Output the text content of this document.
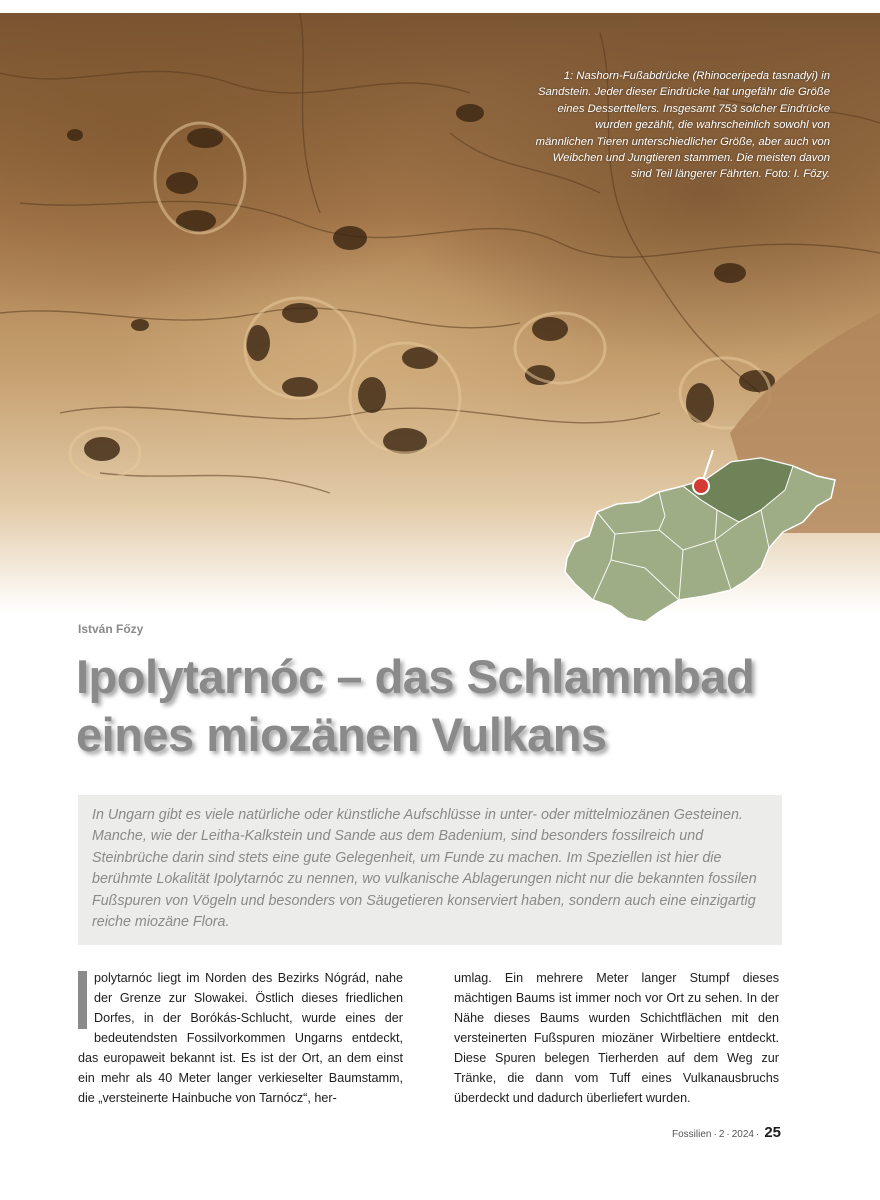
1: Nashorn-Fußabdrücke (Rhinoceripeda tasnadyi) in Sandstein. Jeder dieser Eindrücke hat ungefähr die Größe eines Desserttellers. Insgesamt 753 solcher Eindrücke wurden gezählt, die wahrscheinlich sowohl von männlichen Tieren unterschiedlicher Größe, aber auch von Weibchen und Jungtieren stammen. Die meisten davon sind Teil längerer Fährten. Foto: I. Főzy.
István Főzy
Ipolytarnóc – das Schlammbad
eines miozänen Vulkans

In Ungarn gibt es viele natürliche oder künstliche Aufschlüsse in unter- oder mittelmiozänen Gesteinen. Manche, wie der Leitha-Kalkstein und Sande aus dem Badenium, sind besonders fossilreich und Steinbrüche darin sind stets eine gute Gelegenheit, um Funde zu machen. Im Speziellen ist hier die berühmte Lokalität Ipolytarnóc zu nennen, wo vulkanische Ablagerungen nicht nur die bekannten fossilen Fußspuren von Vögeln und besonders von Säugetieren konserviert haben, sondern auch eine einzigartig reiche miozäne Flora.

polytarnóc liegt im Norden des Bezirks Nógrád, nahe der Grenze zur Slowakei. Östlich dieses friedlichen Dorfes, in der Borókás-Schlucht, wurde eines der bedeutendsten Fossilvorkommen Ungarns entdeckt, das europaweit bekannt ist. Es ist der Ort, an dem einst ein mehr als 40 Meter langer verkieselter Baumstamm, die „versteinerte Hainbuche von Tarnócz“, her-

umlag. Ein mehrere Meter langer Stumpf dieses mächtigen Baums ist immer noch vor Ort zu sehen. In der Nähe dieses Baums wurden Schichtflächen mit den versteinerten Fußspuren miozäner Wirbeltiere entdeckt. Diese Spuren belegen Tierherden auf dem Weg zur Tränke, die dann vom Tuff eines Vulkanausbruchs überdeckt und dadurch überliefert wurden.

Fossilien · 2 · 2024 · 25
